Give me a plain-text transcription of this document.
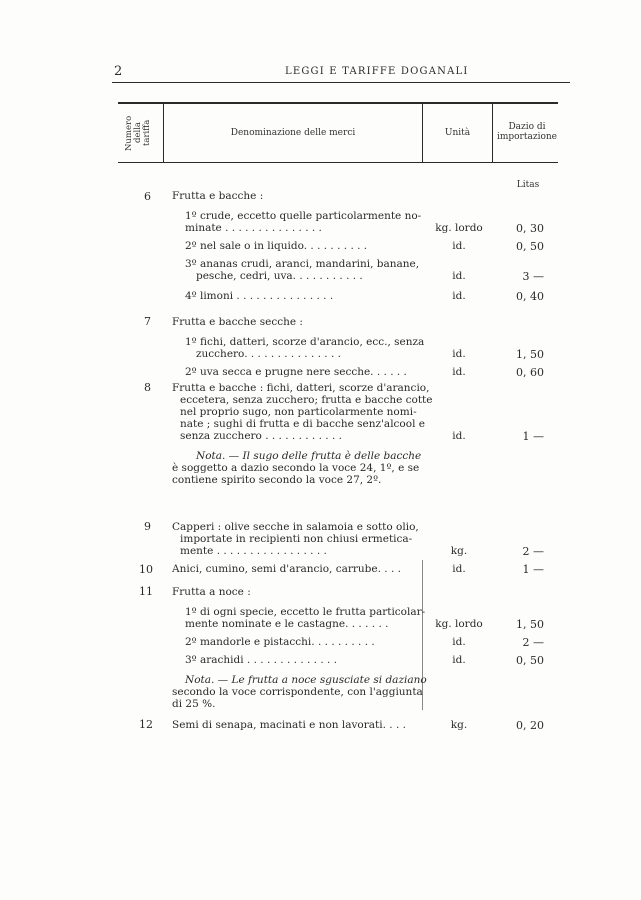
2	LEGGI E TARIFFE DOGANALI
Numero della tariffa	Denominazione delle merci	Unità
Dazio di importazione
Litas
6 Frutta e bacche :
1º crude, eccetto quelle particolarmente no-
minate . . . . . . . . . . . . . . .	kg. lordo	0, 30
2º nel sale o in liquido. . . . . . . . . .	id.	0, 50
3º ananas crudi, aranci, mandarini, banane,
pesche, cedri, uva. . . . . . . . . . .	id.	3 —
4º limoni . . . . . . . . . . . . . . .	id.	0, 40
7 Frutta e bacche secche :
1º fichi, datteri, scorze d'arancio, ecc., senza
zucchero. . . . . . . . . . . . . . .	id.	1, 50
2º uva secca e prugne nere secche. . . . . .	id.	0, 60
8 Frutta e bacche : fichi, datteri, scorze d'arancio,
eccetera, senza zucchero; frutta e bacche cotte
nel proprio sugo, non particolarmente nomi-
nate ; sughi di frutta e di bacche senz'alcool e
senza zucchero . . . . . . . . . . . .	id.	1 —
Nota. — Il sugo delle frutta è delle bacche
è soggetto a dazio secondo la voce 24, 1º, e se
contiene spirito secondo la voce 27, 2º.
9 Capperi : olive secche in salamoia e sotto olio,
importate in recipienti non chiusi ermetica-
mente . . . . . . . . . . . . . . . . .	kg.	2 —
10 Anici, cumino, semi d'arancio, carrube. . . .	id.	1 —
11 Frutta a noce :
1º di ogni specie, eccetto le frutta particolar-
mente nominate e le castagne. . . . . . .	kg. lordo	1, 50
2º mandorle e pistacchi. . . . . . . . . .	id.	2 —
3º arachidi . . . . . . . . . . . . . .	id.	0, 50
Nota. — Le frutta a noce sgusciate si daziano
secondo la voce corrispondente, con l'aggiunta
di 25 %.
12 Semi di senapa, macinati e non lavorati. . . .	kg.	0, 20
